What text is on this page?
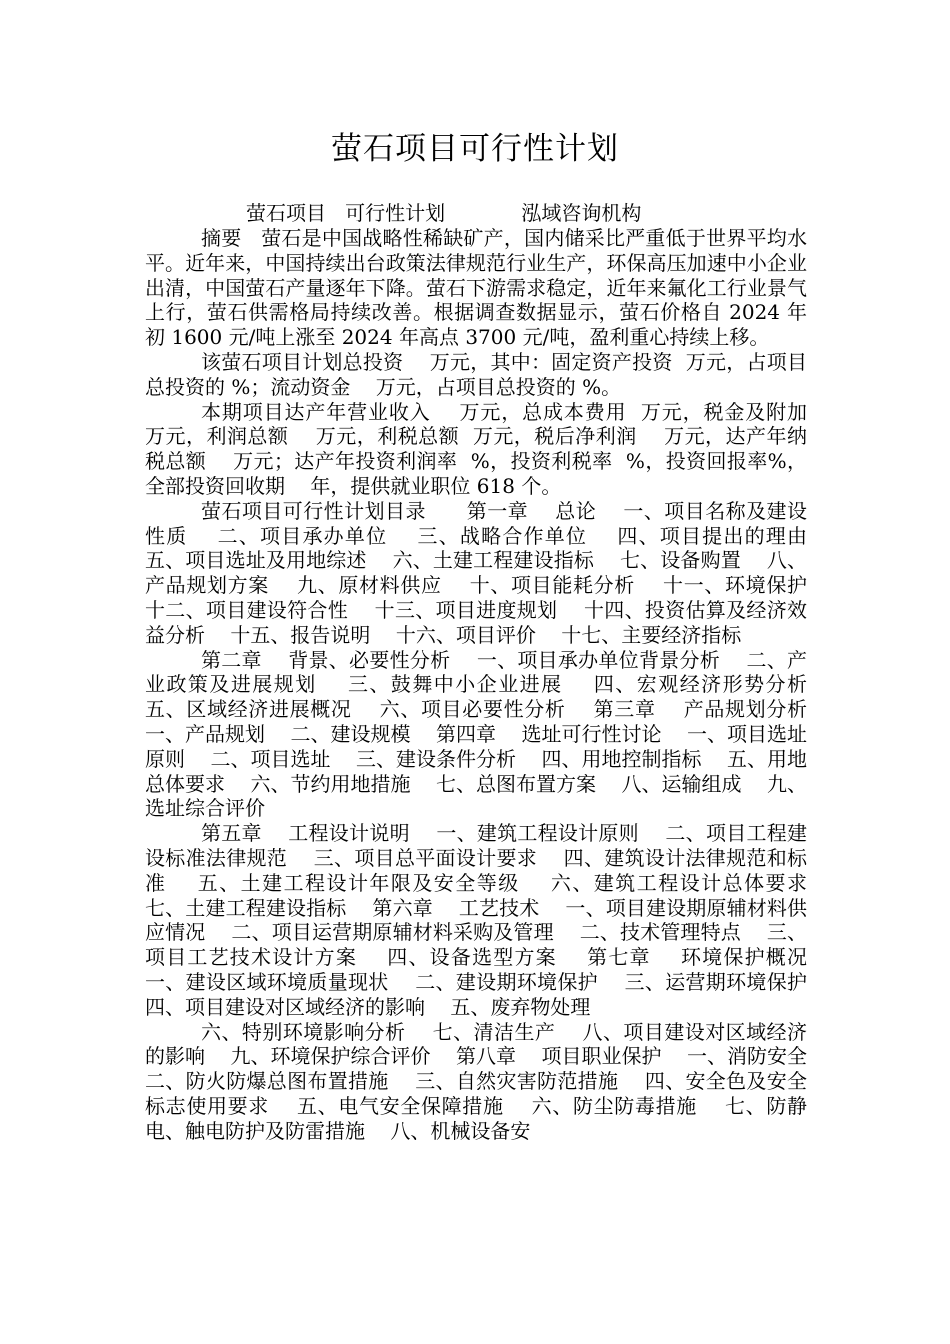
萤石项目可行性计划
萤石项目   可行性计划            泓域咨询机构

摘要   萤石是中国战略性稀缺矿产，国内储采比严重低于世界平均水平。近年来，中国持续出台政策法律规范行业生产，环保高压加速中小企业出清，中国萤石产量逐年下降。萤石下游需求稳定，近年来氟化工行业景气上行，萤石供需格局持续改善。根据调查数据显示，萤石价格自 2024 年初 1600 元/吨上涨至 2024 年高点 3700 元/吨，盈利重心持续上移。

该萤石项目计划总投资    万元，其中：固定资产投资  万元，占项目总投资的 %；流动资金    万元，占项目总投资的 %。

本期项目达产年营业收入    万元，总成本费用  万元，税金及附加    万元，利润总额    万元，利税总额  万元，税后净利润    万元，达产年纳税总额    万元；达产年投资利润率  %，投资利税率  %，投资回报率%，全部投资回收期    年，提供就业职位 618 个。

萤石项目可行性计划目录      第一章    总论    一、项目名称及建设性质    二、项目承办单位    三、战略合作单位    四、项目提出的理由    五、项目选址及用地综述    六、土建工程建设指标    七、设备购置    八、产品规划方案    九、原材料供应    十、项目能耗分析    十一、环境保护    十二、项目建设符合性    十三、项目进度规划    十四、投资估算及经济效益分析    十五、报告说明    十六、项目评价    十七、主要经济指标

第二章    背景、必要性分析    一、项目承办单位背景分析    二、产业政策及进展规划    三、鼓舞中小企业进展    四、宏观经济形势分析    五、区域经济进展概况    六、项目必要性分析    第三章    产品规划分析    一、产品规划    二、建设规模    第四章    选址可行性讨论    一、项目选址原则    二、项目选址    三、建设条件分析    四、用地控制指标    五、用地总体要求    六、节约用地措施    七、总图布置方案    八、运输组成    九、选址综合评价

第五章    工程设计说明    一、建筑工程设计原则    二、项目工程建设标准法律规范    三、项目总平面设计要求    四、建筑设计法律规范和标准    五、土建工程设计年限及安全等级    六、建筑工程设计总体要求    七、土建工程建设指标    第六章    工艺技术    一、项目建设期原辅材料供应情况    二、项目运营期原辅材料采购及管理    二、技术管理特点    三、项目工艺技术设计方案    四、设备选型方案    第七章    环境保护概况    一、建设区域环境质量现状    二、建设期环境保护    三、运营期环境保护    四、项目建设对区域经济的影响    五、废弃物处理

六、特别环境影响分析    七、清洁生产    八、项目建设对区域经济的影响    九、环境保护综合评价    第八章    项目职业保护    一、消防安全    二、防火防爆总图布置措施    三、自然灾害防范措施    四、安全色及安全标志使用要求    五、电气安全保障措施    六、防尘防毒措施    七、防静电、触电防护及防雷措施    八、机械设备安
